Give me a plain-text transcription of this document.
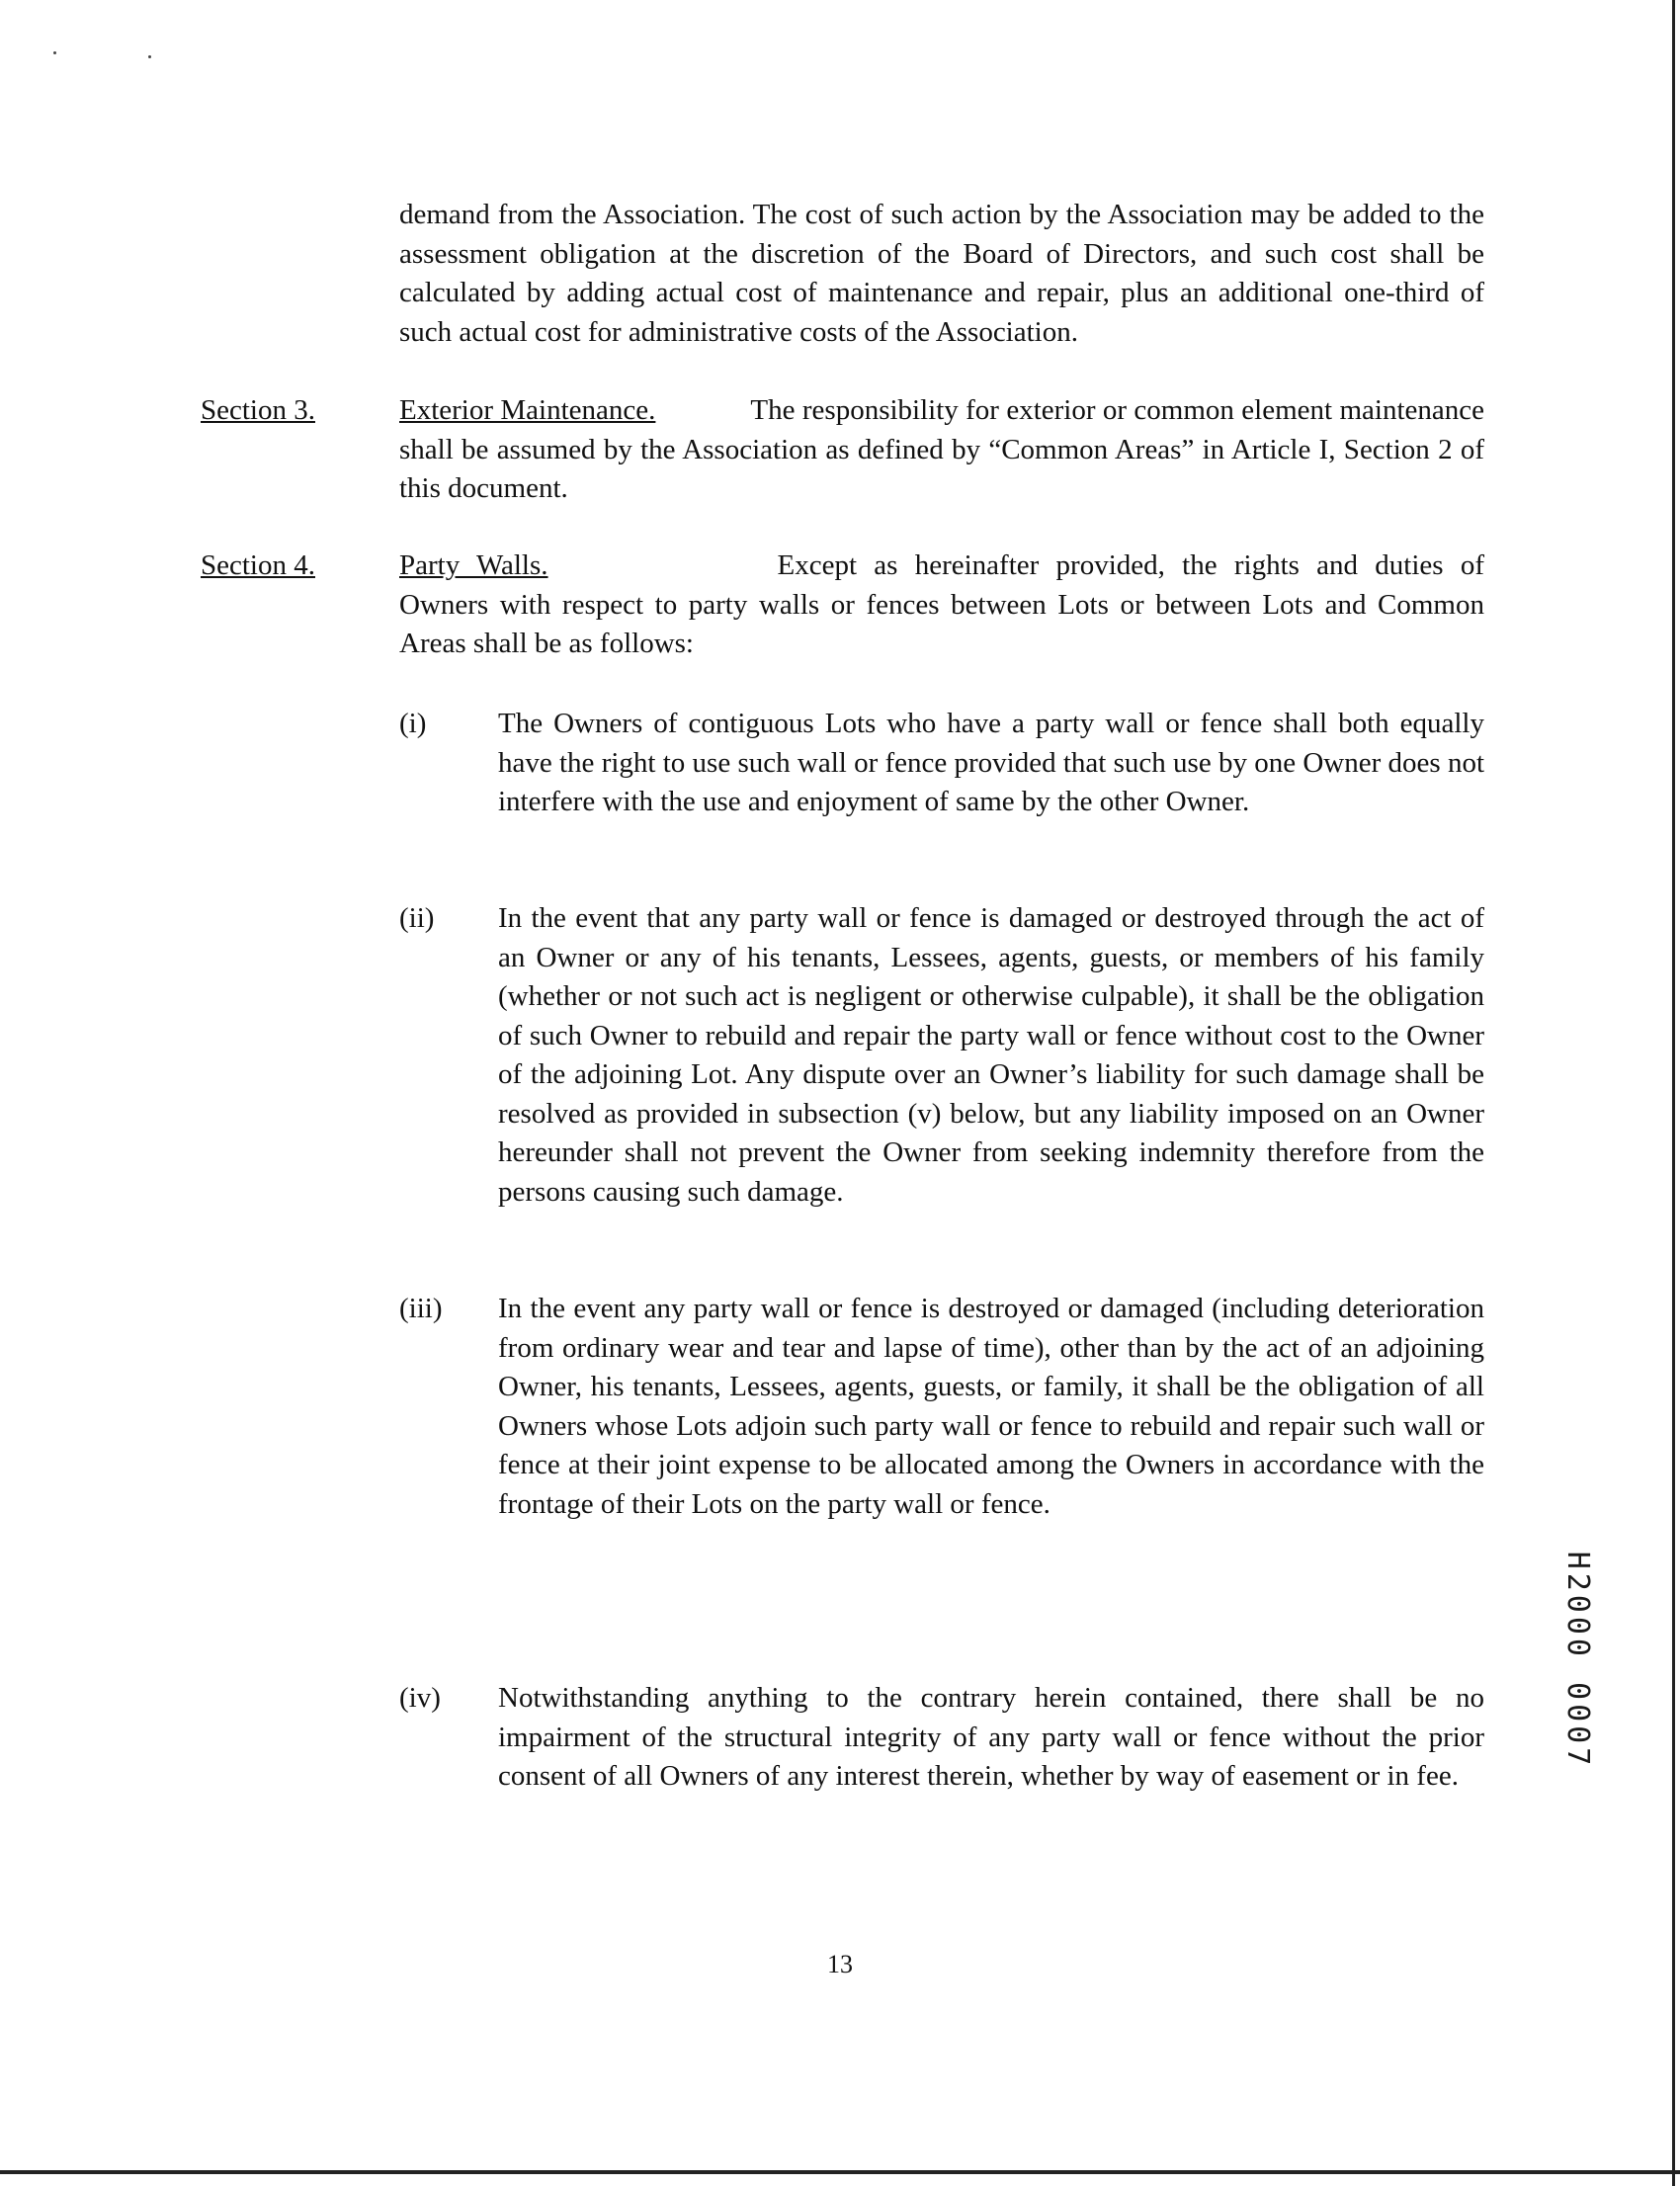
demand from the Association. The cost of such action by the Association may be added to the assessment obligation at the discretion of the Board of Directors, and such cost shall be calculated by adding actual cost of maintenance and repair, plus an additional one-third of such actual cost for administrative costs of the Association.
Section 3.	Exterior Maintenance.	The responsibility for exterior or common element maintenance shall be assumed by the Association as defined by “Common Areas” in Article I, Section 2 of this document.
Section 4.	Party Walls.	Except as hereinafter provided, the rights and duties of Owners with respect to party walls or fences between Lots or between Lots and Common Areas shall be as follows:
(i)	The Owners of contiguous Lots who have a party wall or fence shall both equally have the right to use such wall or fence provided that such use by one Owner does not interfere with the use and enjoyment of same by the other Owner.
(ii) In the event that any party wall or fence is damaged or destroyed through the act of an Owner or any of his tenants, Lessees, agents, guests, or members of his family (whether or not such act is negligent or otherwise culpable), it shall be the obligation of such Owner to rebuild and repair the party wall or fence without cost to the Owner of the adjoining Lot. Any dispute over an Owner’s liability for such damage shall be resolved as provided in subsection (v) below, but any liability imposed on an Owner hereunder shall not prevent the Owner from seeking indemnity therefore from the persons causing such damage.
(iii) In the event any party wall or fence is destroyed or damaged (including deterioration from ordinary wear and tear and lapse of time), other than by the act of an adjoining Owner, his tenants, Lessees, agents, guests, or family, it shall be the obligation of all Owners whose Lots adjoin such party wall or fence to rebuild and repair such wall or fence at their joint expense to be allocated among the Owners in accordance with the frontage of their Lots on the party wall or fence.
(iv) Notwithstanding anything to the contrary herein contained, there shall be no impairment of the structural integrity of any party wall or fence without the prior consent of all Owners of any interest therein, whether by way of easement or in fee.
13
H2000 0007
